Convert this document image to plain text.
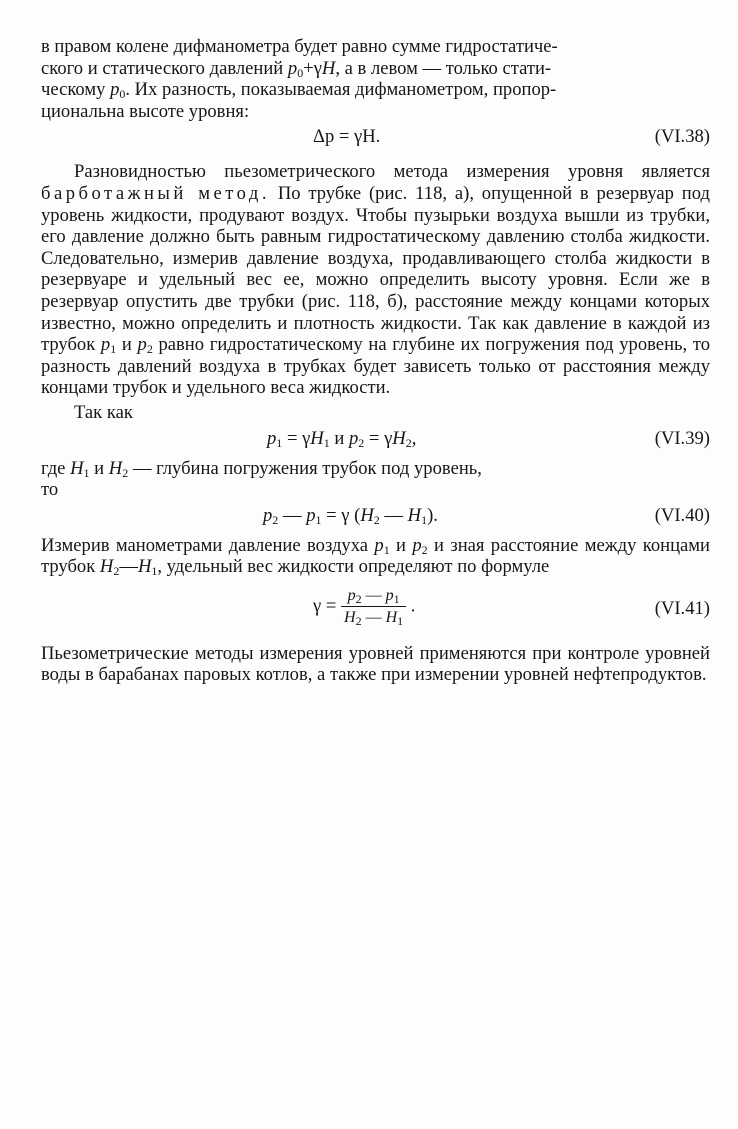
в правом колене дифманометра будет равно сумме гидростатиче-
ского и статического давлений $p_0+\gamma H$, а в левом — только стати-
ческому $p_0$. Их разность, показываемая дифманометром, пропор-
циональна высоте уровня:

Δp = γH.	(VI.38)

Разновидностью пьезометрического метода измерения уровня является барботажный метод. По трубке (рис. 118, а), опущенной в резервуар под уровень жидкости, продувают воздух. Чтобы пузырьки воздуха вышли из трубки, его давление должно быть равным гидростатическому давлению столба жидкости. Следовательно, измерив давление воздуха, продавливающего столба жидкости в резервуаре и удельный вес ее, можно определить высоту уровня. Если же в резервуар опустить две трубки (рис. 118, б), расстояние между концами которых известно, можно определить и плотность жидкости. Так как давление в каждой из трубок $p_1$ и $p_2$ равно гидростатическому на глубине их погружения под уровень, то разность давлений воздуха в трубках будет зависеть только от расстояния между концами трубок и удельного веса жидкости.

Так как

$p_1 = \gamma H_1$ и $p_2 = \gamma H_2$,	(VI.39)

где $H_1$ и $H_2$ — глубина погружения трубок под уровень,

то

$p_2$ — $p_1 = \gamma$ ($H_2$ — $H_1$).	(VI.40)

Измерив манометрами давление воздуха $p_1$ и $p_2$ и зная расстояние между концами трубок $H_2—H_1$, удельный вес жидкости определяют по формуле

$\gamma = \frac{p_2 — p_1}{H_2 — H_1}$ .	(VI.41)

Пьезометрические методы измерения уровней применяются при контроле уровней воды в барабанах паровых котлов, а также при измерении уровней нефтепродуктов.
